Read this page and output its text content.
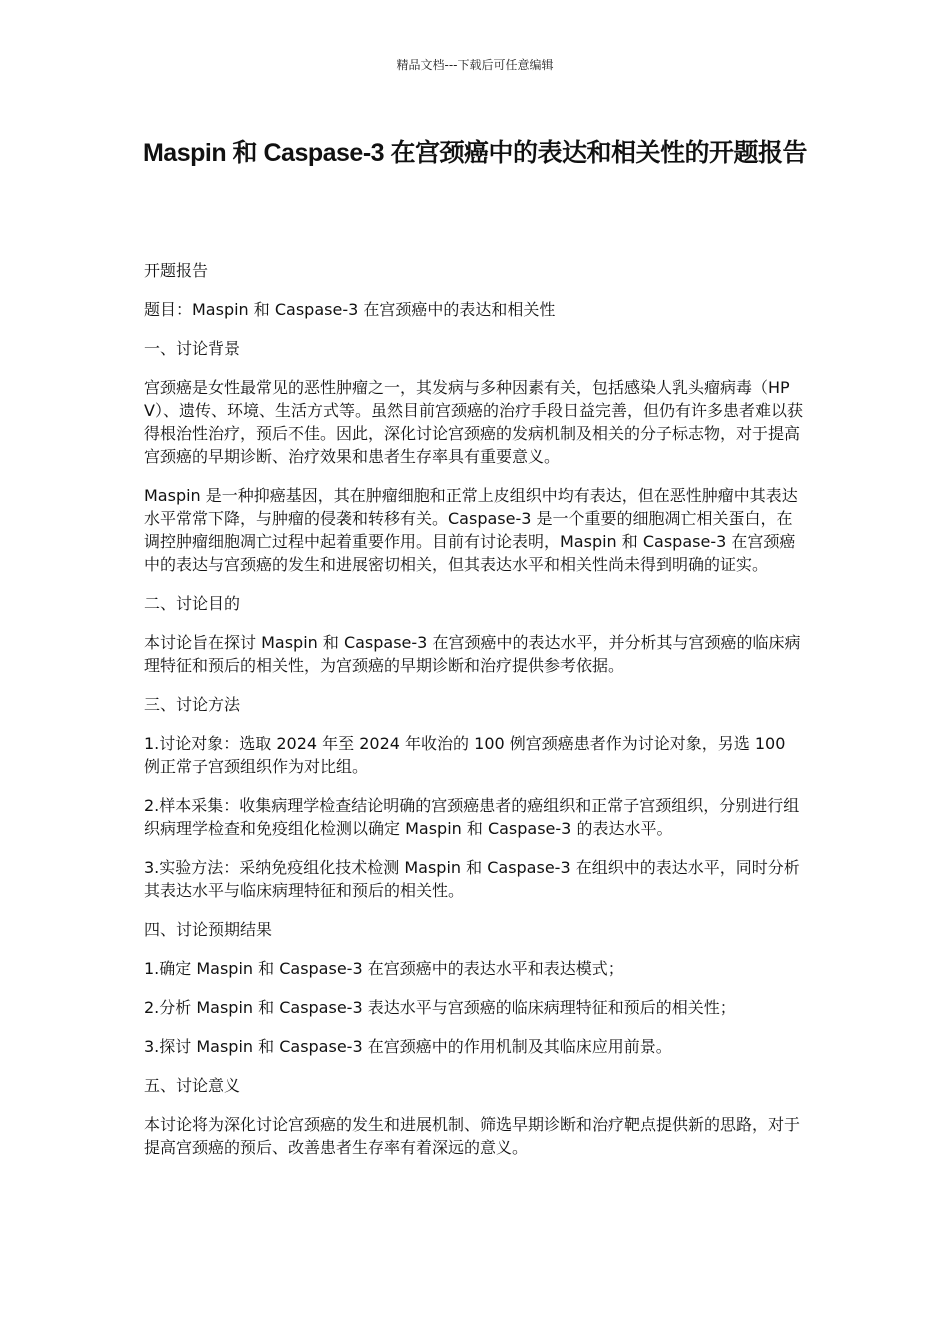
精品文档---下载后可任意编辑
Maspin 和 Caspase-3 在宫颈癌中的表达和相关性的开题报告

开题报告

题目：Maspin 和 Caspase-3 在宫颈癌中的表达和相关性

一、讨论背景

宫颈癌是女性最常见的恶性肿瘤之一，其发病与多种因素有关，包括感染人乳头瘤病毒（HPV）、遗传、环境、生活方式等。虽然目前宫颈癌的治疗手段日益完善，但仍有许多患者难以获得根治性治疗，预后不佳。因此，深化讨论宫颈癌的发病机制及相关的分子标志物，对于提高宫颈癌的早期诊断、治疗效果和患者生存率具有重要意义。

Maspin 是一种抑癌基因，其在肿瘤细胞和正常上皮组织中均有表达，但在恶性肿瘤中其表达水平常常下降，与肿瘤的侵袭和转移有关。Caspase-3 是一个重要的细胞凋亡相关蛋白，在调控肿瘤细胞凋亡过程中起着重要作用。目前有讨论表明，Maspin 和 Caspase-3 在宫颈癌中的表达与宫颈癌的发生和进展密切相关，但其表达水平和相关性尚未得到明确的证实。

二、讨论目的

本讨论旨在探讨 Maspin 和 Caspase-3 在宫颈癌中的表达水平，并分析其与宫颈癌的临床病理特征和预后的相关性，为宫颈癌的早期诊断和治疗提供参考依据。

三、讨论方法

1.讨论对象：选取 2024 年至 2024 年收治的 100 例宫颈癌患者作为讨论对象，另选 100 例正常子宫颈组织作为对比组。

2.样本采集：收集病理学检查结论明确的宫颈癌患者的癌组织和正常子宫颈组织，分别进行组织病理学检查和免疫组化检测以确定 Maspin 和 Caspase-3 的表达水平。

3.实验方法：采纳免疫组化技术检测 Maspin 和 Caspase-3 在组织中的表达水平，同时分析其表达水平与临床病理特征和预后的相关性。

四、讨论预期结果

1.确定 Maspin 和 Caspase-3 在宫颈癌中的表达水平和表达模式；

2.分析 Maspin 和 Caspase-3 表达水平与宫颈癌的临床病理特征和预后的相关性；

3.探讨 Maspin 和 Caspase-3 在宫颈癌中的作用机制及其临床应用前景。

五、讨论意义

本讨论将为深化讨论宫颈癌的发生和进展机制、筛选早期诊断和治疗靶点提供新的思路，对于提高宫颈癌的预后、改善患者生存率有着深远的意义。
